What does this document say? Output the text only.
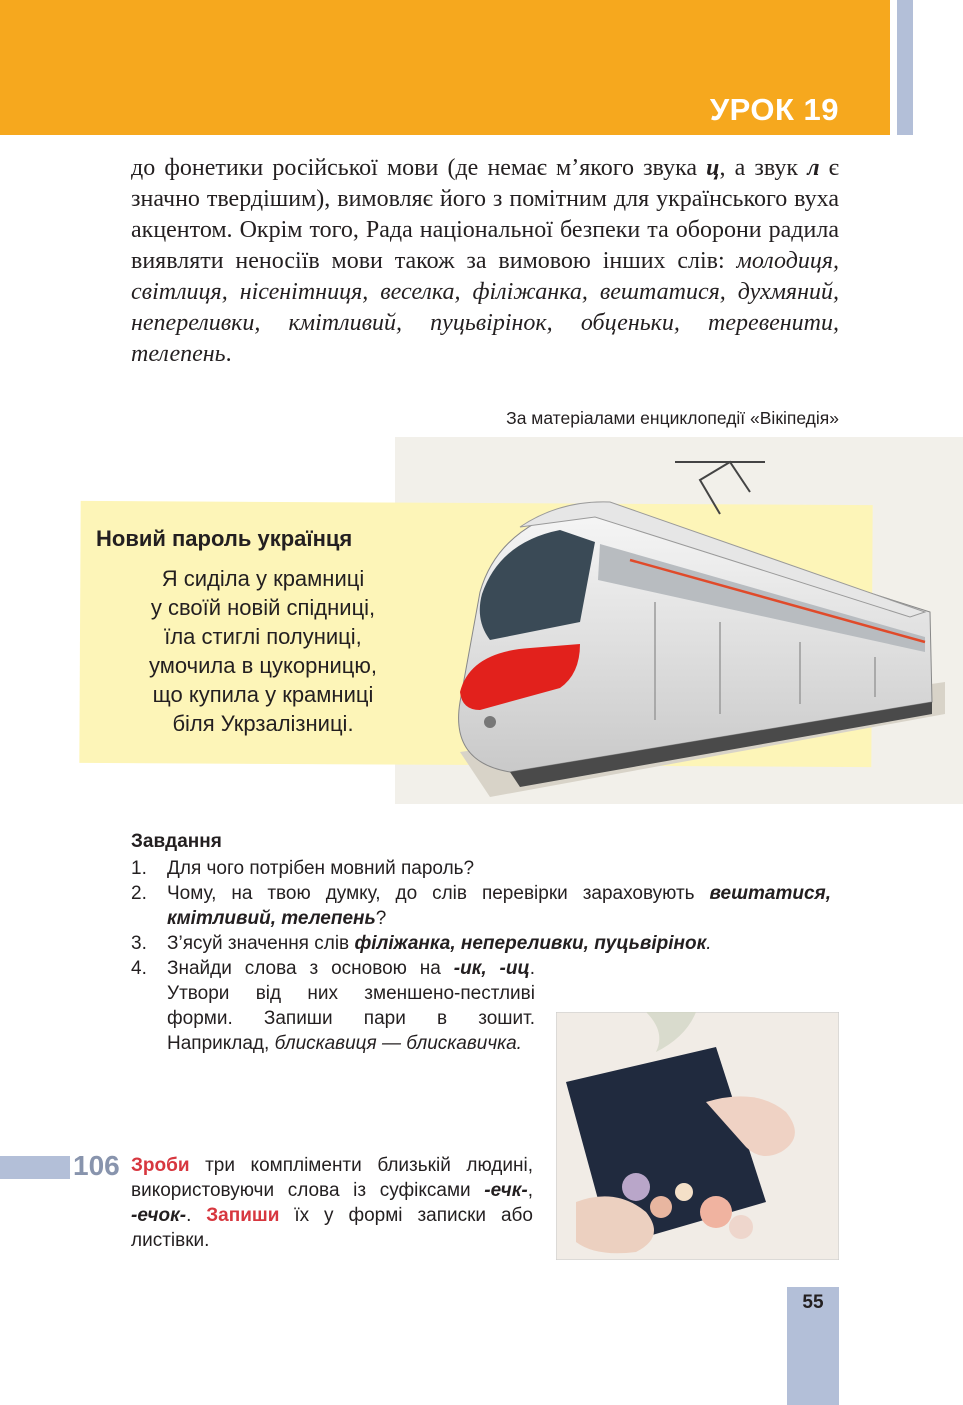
УРОК 19

до фонетики російської мови (де немає м’якого звука ц, а звук л є значно твердішим), вимовляє його з помітним для українського вуха акцентом. Окрім того, Рада національної безпеки та оборони радила виявляти неносіїв мови також за вимовою інших слів: молодиця, світлиця, нісенітниця, веселка, філіжанка, вештатися, духмяний, непереливки, кмітливий, пуцьвірінок, обценьки, теревенити, телепень.

За матеріалами енциклопедії «Вікіпедія»
Новий пароль українця
Я сиділа у крамниці
у своїй новій спідниці,
їла стиглі полуниці,
умочила в цукорницю,
що купила у крамниці
біля Укрзалізниці.
Завдання
1. Для чого потрібен мовний пароль?
2. Чому, на твою думку, до слів перевірки зараховують вештатися, кмітливий, телепень?
3. З’ясуй значення слів філіжанка, непереливки, пуцьвірінок.
4. Знайди слова з основою на -ик, -иц. Утвори від них зменшено-пестливі форми. Запиши пари в зошит. Наприклад, блискавиця — блискавичка.
106 Зроби три компліменти близькій людині, використовуючи слова із суфіксами -ечк-, -ечок-. Запиши їх у формі записки або листівки.
55
